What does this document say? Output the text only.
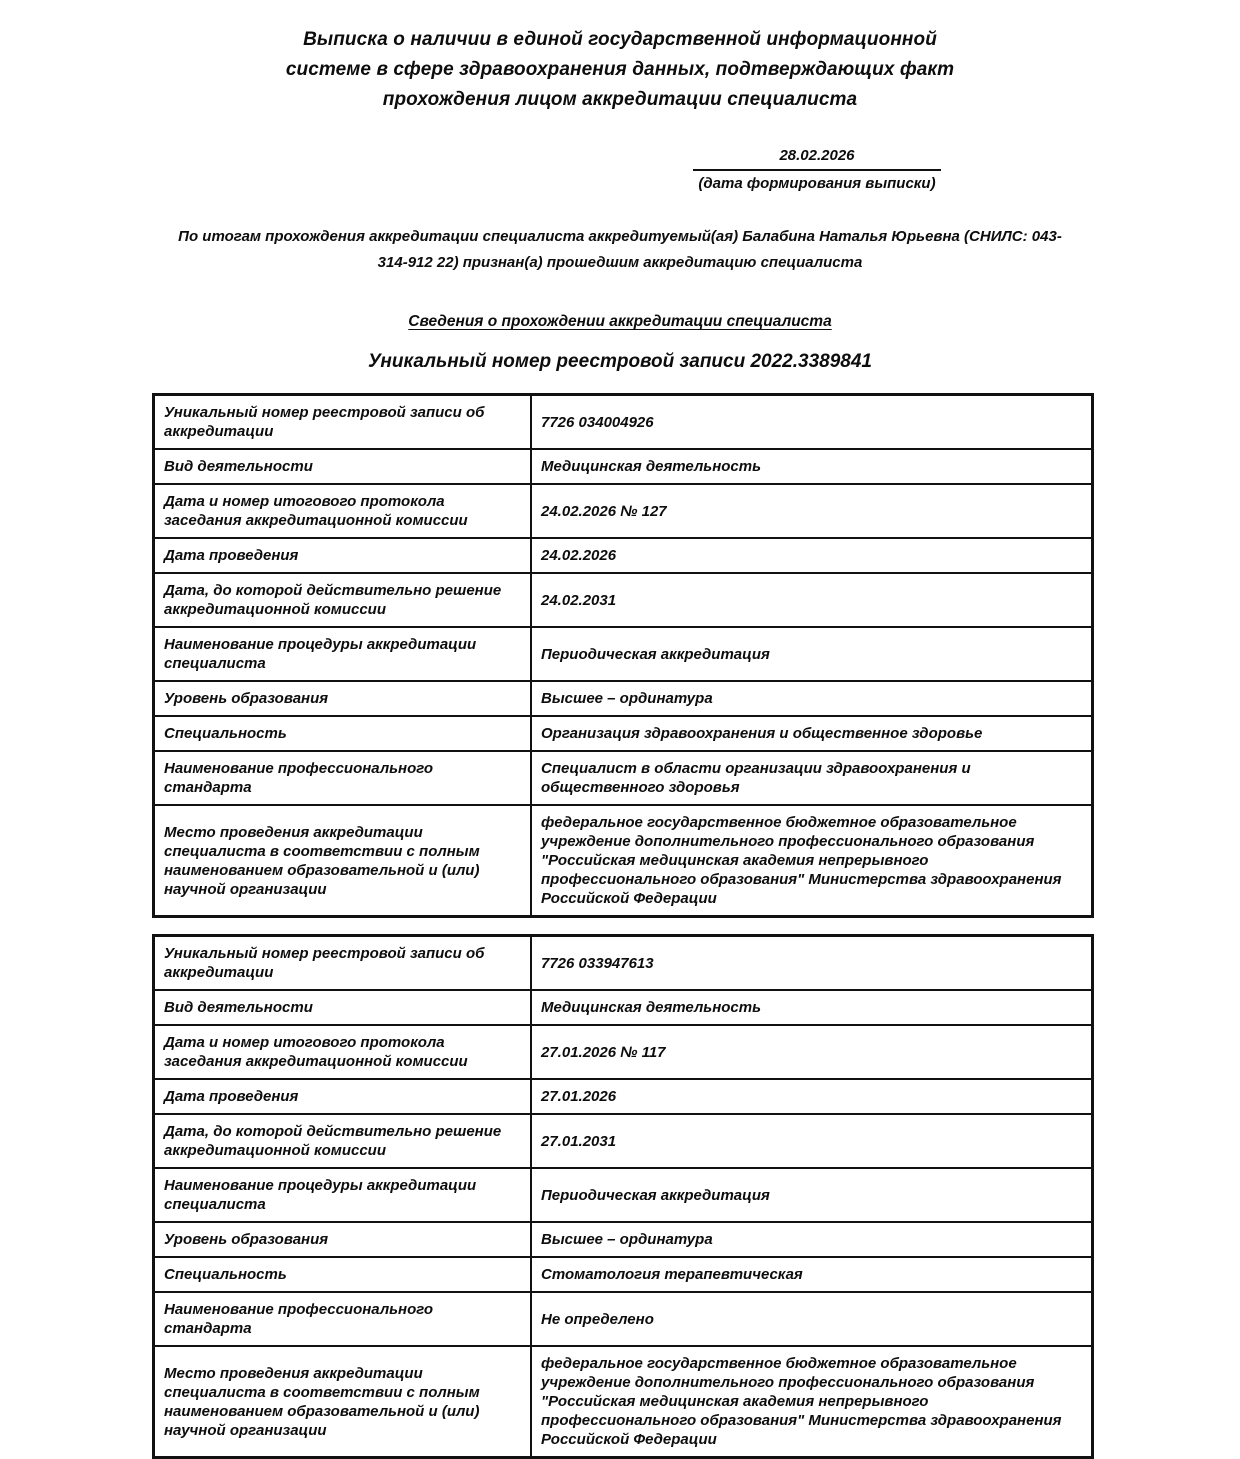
Выписка о наличии в единой государственной информационной
системе в сфере здравоохранения данных, подтверждающих факт
прохождения лицом аккредитации специалиста
28.02.2026
(дата формирования выписки)
По итогам прохождения аккредитации специалиста аккредитуемый(ая) Балабина Наталья Юрьевна (СНИЛС: 043-
314-912 22) признан(а) прошедшим аккредитацию специалиста
Сведения о прохождении аккредитации специалиста
Уникальный номер реестровой записи 2022.3389841
Уникальный номер реестровой записи об аккредитации	7726 034004926
Вид деятельности	Медицинская деятельность
Дата и номер итогового протокола заседания аккредитационной комиссии	24.02.2026 № 127
Дата проведения	24.02.2026
Дата, до которой действительно решение аккредитационной комиссии	24.02.2031
Наименование процедуры аккредитации специалиста	Периодическая аккредитация
Уровень образования	Высшее – ординатура
Специальность	Организация здравоохранения и общественное здоровье
Наименование профессионального стандарта	Специалист в области организации здравоохранения и общественного здоровья
Место проведения аккредитации специалиста в соответствии с полным наименованием образовательной и (или) научной организации	федеральное государственное бюджетное образовательное учреждение дополнительного профессионального образования "Российская медицинская академия непрерывного профессионального образования" Министерства здравоохранения Российской Федерации
Уникальный номер реестровой записи об аккредитации	7726 033947613
Вид деятельности	Медицинская деятельность
Дата и номер итогового протокола заседания аккредитационной комиссии	27.01.2026 № 117
Дата проведения	27.01.2026
Дата, до которой действительно решение аккредитационной комиссии	27.01.2031
Наименование процедуры аккредитации специалиста	Периодическая аккредитация
Уровень образования	Высшее – ординатура
Специальность	Стоматология терапевтическая
Наименование профессионального стандарта	Не определено
Место проведения аккредитации специалиста в соответствии с полным наименованием образовательной и (или) научной организации	федеральное государственное бюджетное образовательное учреждение дополнительного профессионального образования "Российская медицинская академия непрерывного профессионального образования" Министерства здравоохранения Российской Федерации
